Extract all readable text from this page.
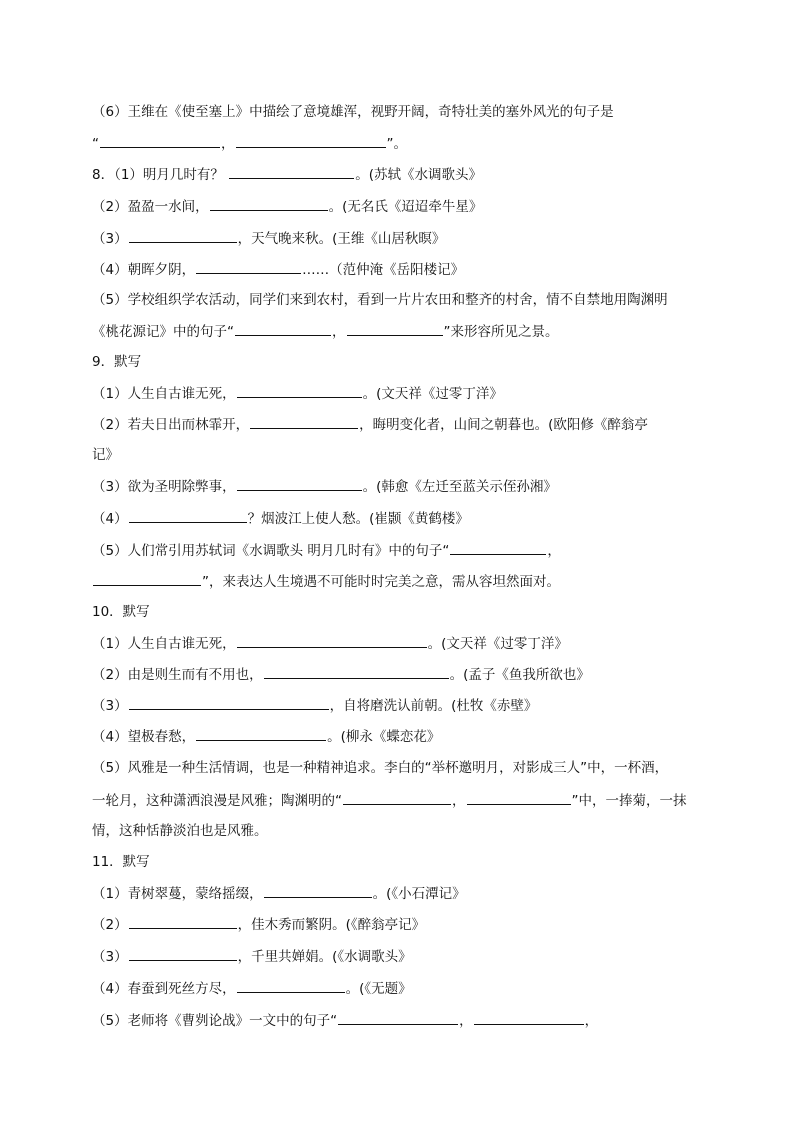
（6）王维在《使至塞上》中描绘了意境雄浑，视野开阔，奇特壮美的塞外风光的句子是
“	，	”。
8．（1）明月几时有？	。(苏轼《水调歌头》
（2）盈盈一水间，	。(无名氏《迢迢牵牛星》
（3）	，天气晚来秋。(王维《山居秋暝》
（4）朝晖夕阴，	……（范仲淹《岳阳楼记》
（5）学校组织学农活动，同学们来到农村，看到一片片农田和整齐的村舍，情不自禁地用陶渊明
《桃花源记》中的句子“	，	”来形容所见之景。
9．默写
（1）人生自古谁无死，	。(文天祥《过零丁洋》
（2）若夫日出而林霏开，	，晦明变化者，山间之朝暮也。(欧阳修《醉翁亭
记》
（3）欲为圣明除弊事，	。(韩愈《左迁至蓝关示侄孙湘》
（4）	？烟波江上使人愁。(崔颢《黄鹤楼》
（5）人们常引用苏轼词《水调歌头 明月几时有》中的句子“	，
”，来表达人生境遇不可能时时完美之意，需从容坦然面对。
10．默写
（1）人生自古谁无死，	。(文天祥《过零丁洋》
（2）由是则生而有不用也，	。(孟子《鱼我所欲也》
（3）	，自将磨洗认前朝。(杜牧《赤壁》
（4）望极春愁，	。(柳永《蝶恋花》
（5）风雅是一种生活情调，也是一种精神追求。李白的“举杯邀明月，对影成三人”中，一杯酒，
一轮月，这种潇洒浪漫是风雅；陶渊明的“	，	”中，一捧菊，一抹
情，这种恬静淡泊也是风雅。
11．默写
（1）青树翠蔓，蒙络摇缀，	。(《小石潭记》
（2）	，佳木秀而繁阴。(《醉翁亭记》
（3）	，千里共婵娟。(《水调歌头》
（4）春蚕到死丝方尽，	。(《无题》
（5）老师将《曹刿论战》一文中的句子“	，	，
